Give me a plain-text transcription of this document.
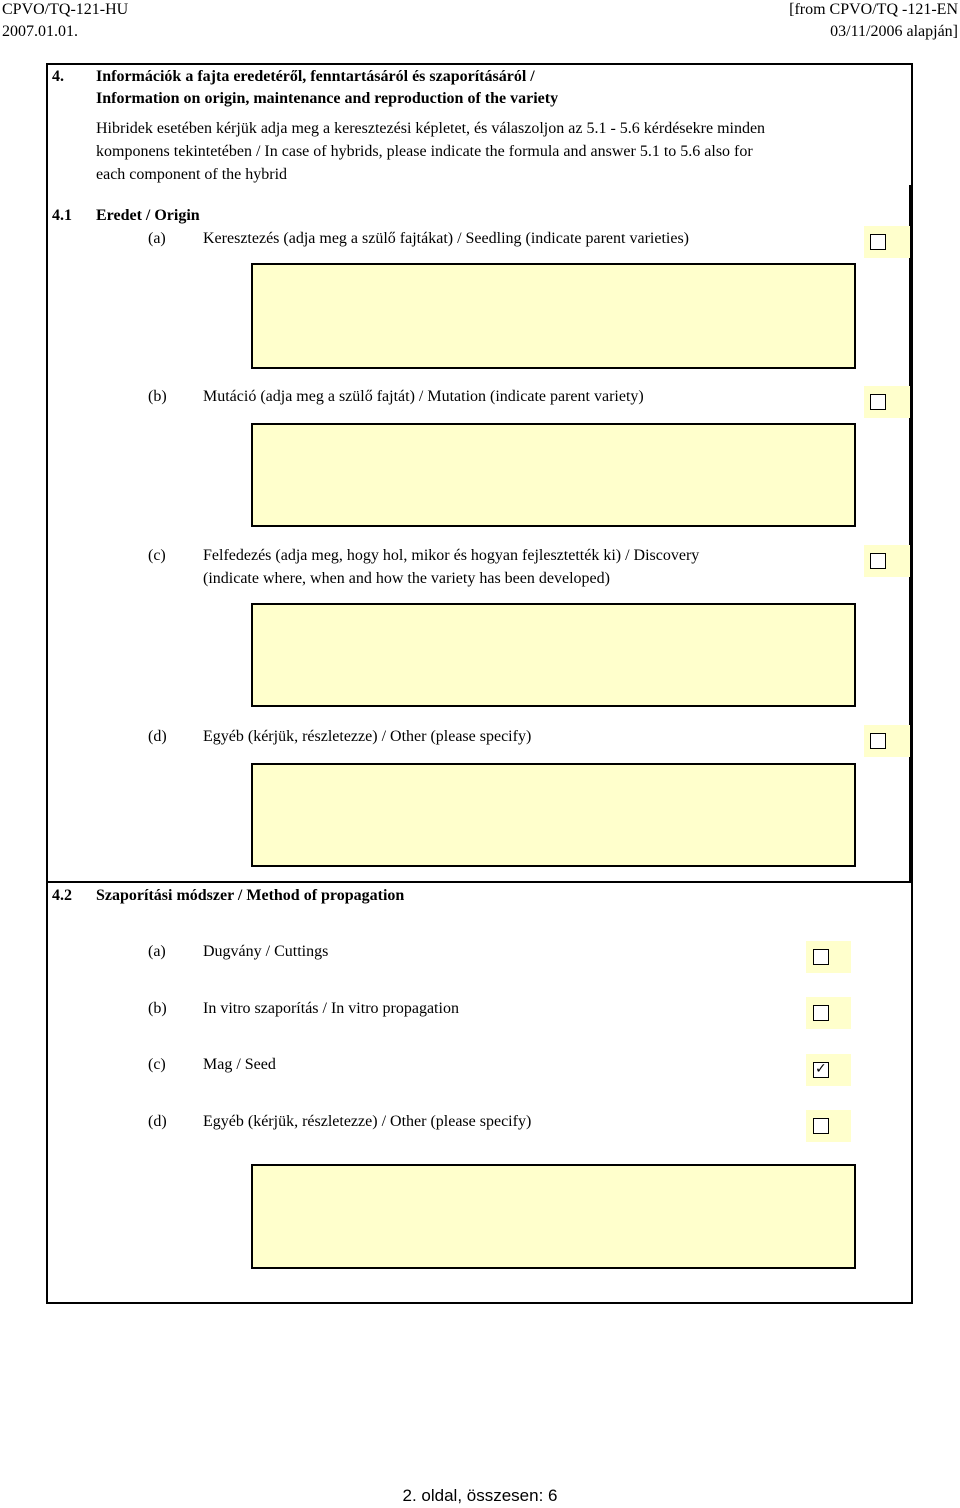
CPVO/TQ-121-HU
2007.01.01.
[from CPVO/TQ -121-EN
03/11/2006 alapján]
4. Információk a fajta eredetéről, fenntartásáról és szaporításáról /
Information on origin, maintenance and reproduction of the variety
Hibridek esetében kérjük adja meg a keresztezési képletet, és válaszoljon az 5.1 - 5.6 kérdésekre minden
komponens tekintetében / In case of hybrids, please indicate the formula and answer 5.1 to 5.6 also for
each component of the hybrid
4.1 Eredet / Origin
(a) Keresztezés (adja meg a szülő fajtákat) / Seedling (indicate parent varieties)
(b) Mutáció (adja meg a szülő fajtát) / Mutation (indicate parent variety)
(c) Felfedezés (adja meg, hogy hol, mikor és hogyan fejlesztették ki) / Discovery
(indicate where, when and how the variety has been developed)
(d) Egyéb (kérjük, részletezze) / Other (please specify)
4.2 Szaporítási módszer / Method of propagation
(a) Dugvány / Cuttings
(b) In vitro szaporítás / In vitro propagation
(c) Mag / Seed	✓
(d) Egyéb (kérjük, részletezze) / Other (please specify)
2. oldal, összesen: 6
